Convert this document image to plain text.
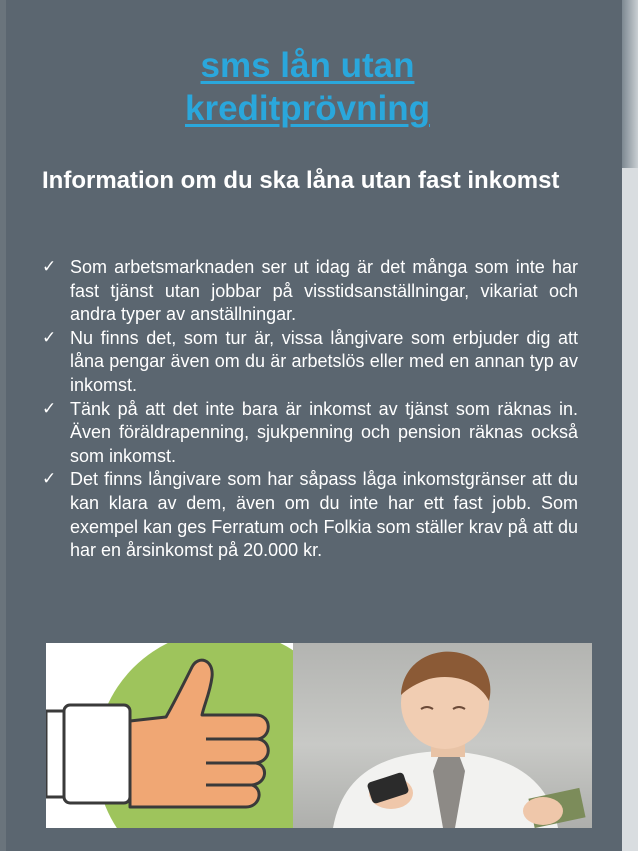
sms lån utan
kreditprövning
Information om du ska låna utan fast inkomst
✓ Som arbetsmarknaden ser ut idag är det många som inte har fast tjänst utan jobbar på visstidsanställningar, vikariat och andra typer av anställningar.
✓ Nu finns det, som tur är, vissa långivare som erbjuder dig att låna pengar även om du är arbetslös eller med en annan typ av inkomst.
✓ Tänk på att det inte bara är inkomst av tjänst som räknas in. Även föräldrapenning, sjukpenning och pension räknas också som inkomst.
✓ Det finns långivare som har såpass låga inkomstgränser att du kan klara av dem, även om du inte har ett fast jobb. Som exempel kan ges Ferratum och Folkia som ställer krav på att du har en årsinkomst på 20.000 kr.
